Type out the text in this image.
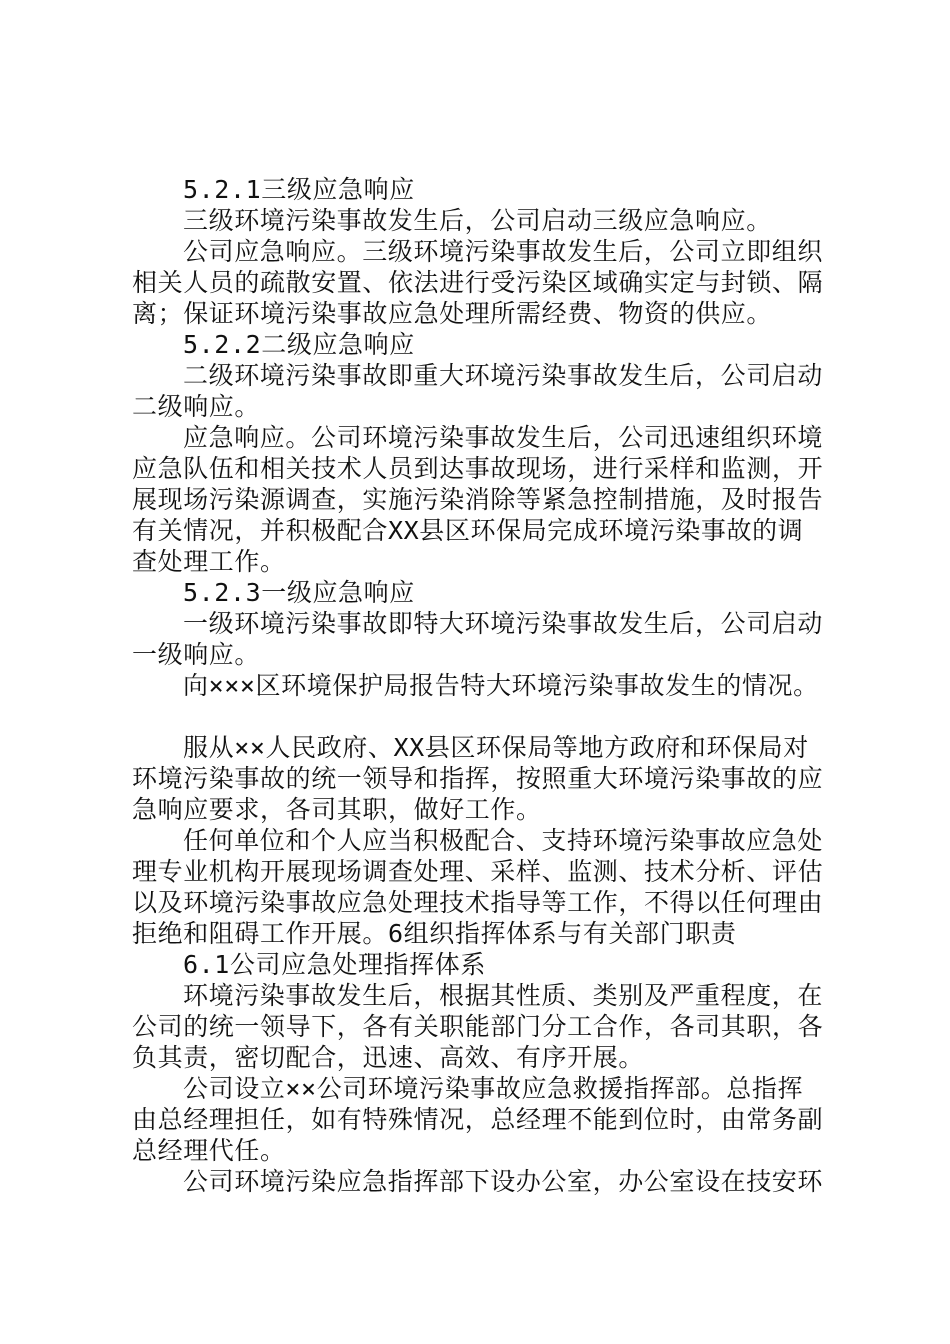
5.2.1三级应急响应
三级环境污染事故发生后，公司启动三级应急响应。
公司应急响应。三级环境污染事故发生后，公司立即组织
相关人员的疏散安置、依法进行受污染区域确实定与封锁、隔
离；保证环境污染事故应急处理所需经费、物资的供应。
5.2.2二级应急响应
二级环境污染事故即重大环境污染事故发生后，公司启动
二级响应。
应急响应。公司环境污染事故发生后，公司迅速组织环境
应急队伍和相关技术人员到达事故现场，进行采样和监测，开
展现场污染源调查，实施污染消除等紧急控制措施，及时报告
有关情况，并积极配合XX县区环保局完成环境污染事故的调
查处理工作。
5.2.3一级应急响应
一级环境污染事故即特大环境污染事故发生后，公司启动
一级响应。
向×××区环境保护局报告特大环境污染事故发生的情况。
服从××人民政府、XX县区环保局等地方政府和环保局对
环境污染事故的统一领导和指挥，按照重大环境污染事故的应
急响应要求，各司其职，做好工作。
任何单位和个人应当积极配合、支持环境污染事故应急处
理专业机构开展现场调查处理、采样、监测、技术分析、评估
以及环境污染事故应急处理技术指导等工作，不得以任何理由
拒绝和阻碍工作开展。6组织指挥体系与有关部门职责
6.1公司应急处理指挥体系
环境污染事故发生后，根据其性质、类别及严重程度，在
公司的统一领导下，各有关职能部门分工合作，各司其职，各
负其责，密切配合，迅速、高效、有序开展。
公司设立××公司环境污染事故应急救援指挥部。总指挥
由总经理担任，如有特殊情况，总经理不能到位时，由常务副
总经理代任。
公司环境污染应急指挥部下设办公室，办公室设在技安环
